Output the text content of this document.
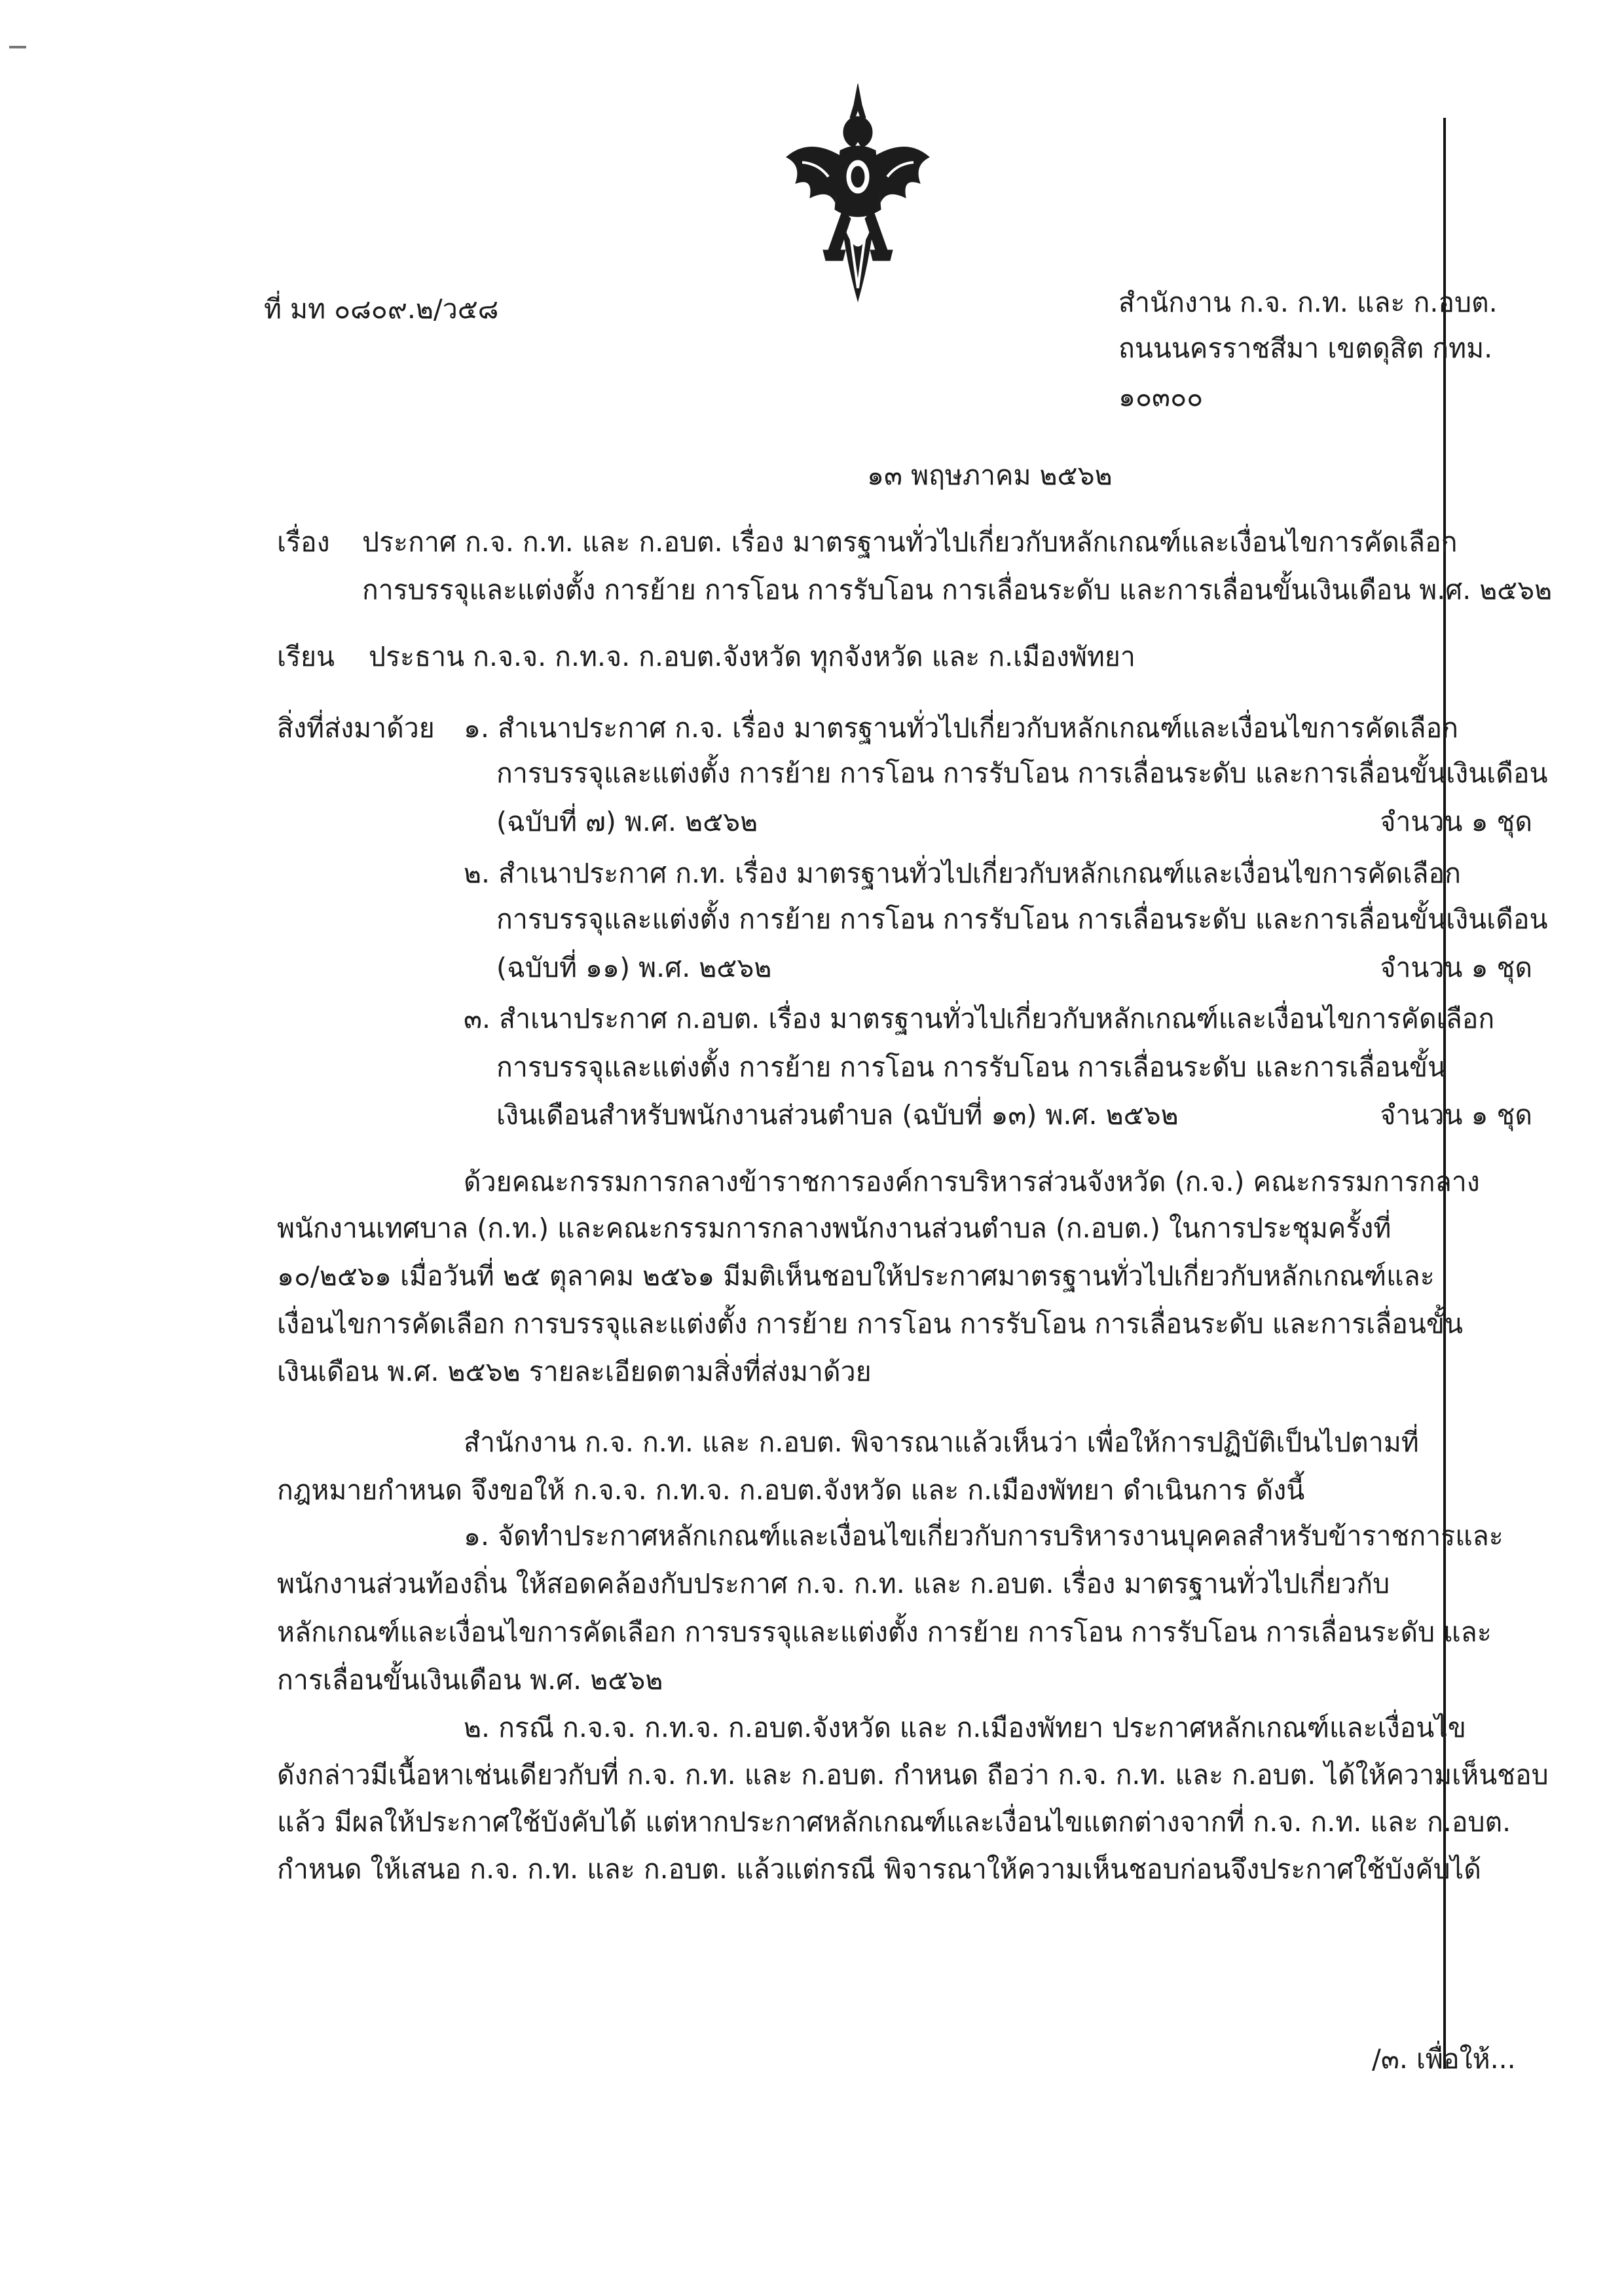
ที่ มท ๐๘๐๙.๒/ว๕๘	สำนักงาน ก.จ. ก.ท. และ ก.อบต.

ถนนนครราชสีมา เขตดุสิต กทม.

๑๐๓๐๐

๑๓ พฤษภาคม ๒๕๖๒

เรื่อง ประกาศ ก.จ. ก.ท. และ ก.อบต. เรื่อง มาตรฐานทั่วไปเกี่ยวกับหลักเกณฑ์และเงื่อนไขการคัดเลือก

การบรรจุและแต่งตั้ง การย้าย การโอน การรับโอน การเลื่อนระดับ และการเลื่อนขั้นเงินเดือน พ.ศ. ๒๕๖๒

เรียน ประธาน ก.จ.จ. ก.ท.จ. ก.อบต.จังหวัด ทุกจังหวัด และ ก.เมืองพัทยา

สิ่งที่ส่งมาด้วย ๑. สำเนาประกาศ ก.จ. เรื่อง มาตรฐานทั่วไปเกี่ยวกับหลักเกณฑ์และเงื่อนไขการคัดเลือก

การบรรจุและแต่งตั้ง การย้าย การโอน การรับโอน การเลื่อนระดับ และการเลื่อนขั้นเงินเดือน

(ฉบับที่ ๗) พ.ศ. ๒๕๖๒	จำนวน ๑ ชุด

๒. สำเนาประกาศ ก.ท. เรื่อง มาตรฐานทั่วไปเกี่ยวกับหลักเกณฑ์และเงื่อนไขการคัดเลือก

การบรรจุและแต่งตั้ง การย้าย การโอน การรับโอน การเลื่อนระดับ และการเลื่อนขั้นเงินเดือน

(ฉบับที่ ๑๑) พ.ศ. ๒๕๖๒	จำนวน ๑ ชุด

๓. สำเนาประกาศ ก.อบต. เรื่อง มาตรฐานทั่วไปเกี่ยวกับหลักเกณฑ์และเงื่อนไขการคัดเลือก

การบรรจุและแต่งตั้ง การย้าย การโอน การรับโอน การเลื่อนระดับ และการเลื่อนขั้น

เงินเดือนสำหรับพนักงานส่วนตำบล (ฉบับที่ ๑๓) พ.ศ. ๒๕๖๒	จำนวน ๑ ชุด

ด้วยคณะกรรมการกลางข้าราชการองค์การบริหารส่วนจังหวัด (ก.จ.) คณะกรรมการกลาง

พนักงานเทศบาล (ก.ท.) และคณะกรรมการกลางพนักงานส่วนตำบล (ก.อบต.) ในการประชุมครั้งที่

๑๐/๒๕๖๑ เมื่อวันที่ ๒๕ ตุลาคม ๒๕๖๑ มีมติเห็นชอบให้ประกาศมาตรฐานทั่วไปเกี่ยวกับหลักเกณฑ์และ

เงื่อนไขการคัดเลือก การบรรจุและแต่งตั้ง การย้าย การโอน การรับโอน การเลื่อนระดับ และการเลื่อนขั้น

เงินเดือน พ.ศ. ๒๕๖๒ รายละเอียดตามสิ่งที่ส่งมาด้วย

สำนักงาน ก.จ. ก.ท. และ ก.อบต. พิจารณาแล้วเห็นว่า เพื่อให้การปฏิบัติเป็นไปตามที่

กฎหมายกำหนด จึงขอให้ ก.จ.จ. ก.ท.จ. ก.อบต.จังหวัด และ ก.เมืองพัทยา ดำเนินการ ดังนี้

๑. จัดทำประกาศหลักเกณฑ์และเงื่อนไขเกี่ยวกับการบริหารงานบุคคลสำหรับข้าราชการและ

พนักงานส่วนท้องถิ่น ให้สอดคล้องกับประกาศ ก.จ. ก.ท. และ ก.อบต. เรื่อง มาตรฐานทั่วไปเกี่ยวกับ

หลักเกณฑ์และเงื่อนไขการคัดเลือก การบรรจุและแต่งตั้ง การย้าย การโอน การรับโอน การเลื่อนระดับ และ

การเลื่อนขั้นเงินเดือน พ.ศ. ๒๕๖๒

๒. กรณี ก.จ.จ. ก.ท.จ. ก.อบต.จังหวัด และ ก.เมืองพัทยา ประกาศหลักเกณฑ์และเงื่อนไข

ดังกล่าวมีเนื้อหาเช่นเดียวกับที่ ก.จ. ก.ท. และ ก.อบต. กำหนด ถือว่า ก.จ. ก.ท. และ ก.อบต. ได้ให้ความเห็นชอบ

แล้ว มีผลให้ประกาศใช้บังคับได้ แต่หากประกาศหลักเกณฑ์และเงื่อนไขแตกต่างจากที่ ก.จ. ก.ท. และ ก.อบต.

กำหนด ให้เสนอ ก.จ. ก.ท. และ ก.อบต. แล้วแต่กรณี พิจารณาให้ความเห็นชอบก่อนจึงประกาศใช้บังคับได้

/๓. เพื่อให้...
